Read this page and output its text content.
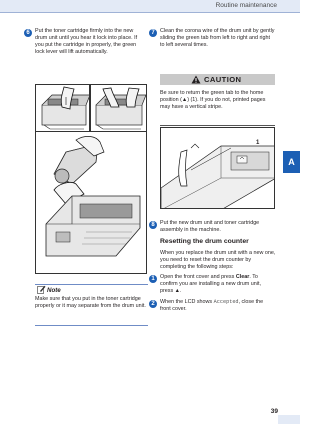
Routine maintenance
A
6 Put the toner cartridge firmly into the new drum unit until you hear it lock into place. If you put the cartridge in properly, the green lock lever will lift automatically.
Note
Make sure that you put in the toner cartridge properly or it may separate from the drum unit.
7 Clean the corona wire of the drum unit by gently sliding the green tab from left to right and right to left several times.
CAUTION
Be sure to return the green tab to the home position (▲) (1). If you do not, printed pages may have a vertical stripe.
1
8 Put the new drum unit and toner cartridge assembly in the machine.
Resetting the drum counter
When you replace the drum unit with a new one, you need to reset the drum counter by completing the following steps:
1 Open the front cover and press Clear. To confirm you are installing a new drum unit, press ▲.
2 When the LCD shows Accepted, close the front cover.
39
